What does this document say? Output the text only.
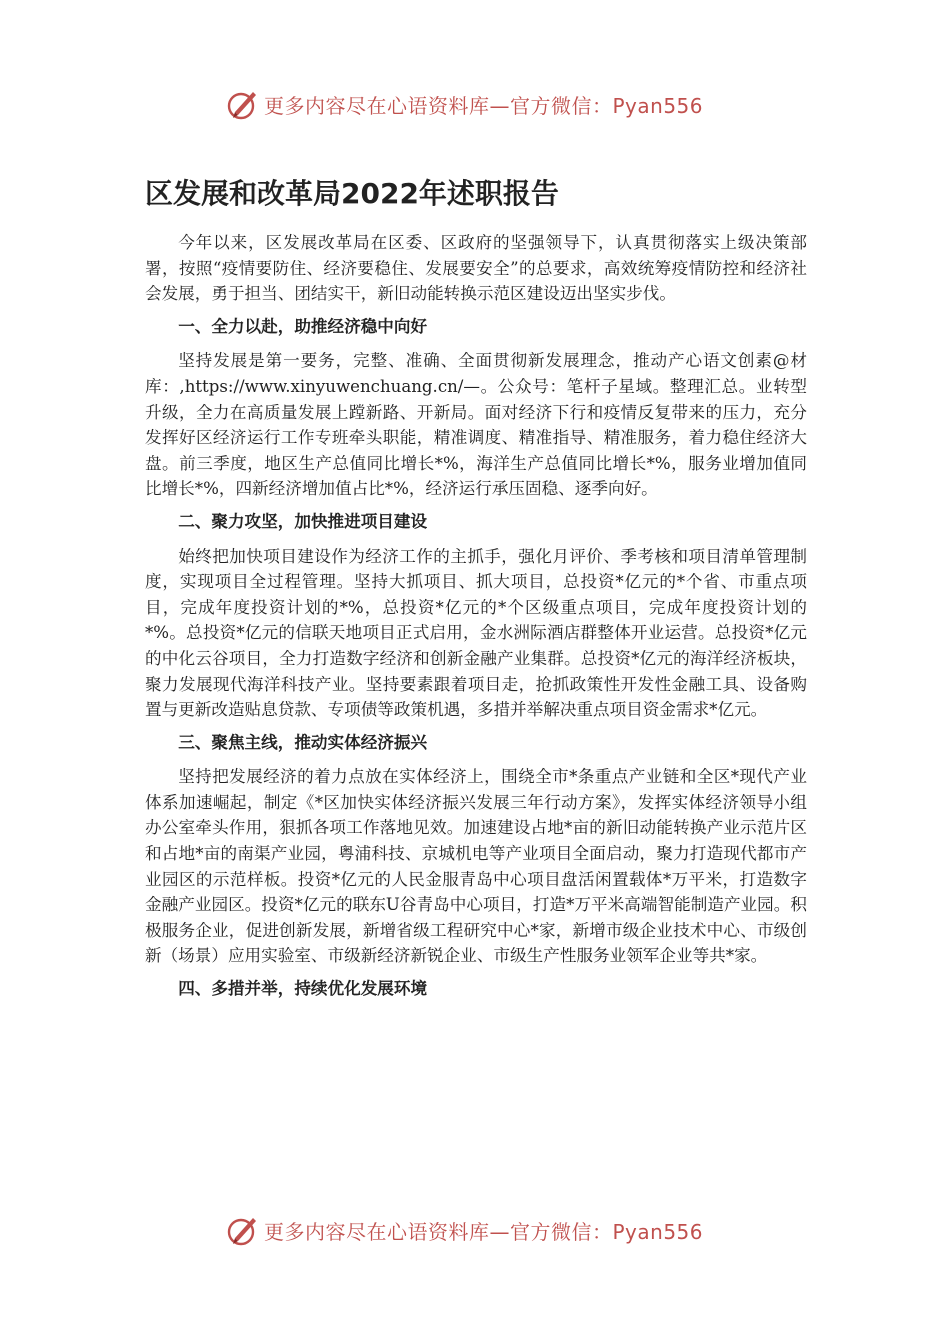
更多内容尽在心语资料库—官方微信：Pyan556
区发展和改革局2022年述职报告

今年以来，区发展改革局在区委、区政府的坚强领导下，认真贯彻落实上级决策部署，按照“疫情要防住、经济要稳住、发展要安全”的总要求，高效统筹疫情防控和经济社会发展，勇于担当、团结实干，新旧动能转换示范区建设迈出坚实步伐。

一、全力以赴，助推经济稳中向好

坚持发展是第一要务，完整、准确、全面贯彻新发展理念，推动产心语文创素@材库：,https://www.xinyuwenchuang.cn/—。公众号：笔杆子星域。整理汇总。业转型升级，全力在高质量发展上蹚新路、开新局。面对经济下行和疫情反复带来的压力，充分发挥好区经济运行工作专班牵头职能，精准调度、精准指导、精准服务，着力稳住经济大盘。前三季度，地区生产总值同比增长*%，海洋生产总值同比增长*%，服务业增加值同比增长*%，四新经济增加值占比*%，经济运行承压固稳、逐季向好。

二、聚力攻坚，加快推进项目建设

始终把加快项目建设作为经济工作的主抓手，强化月评价、季考核和项目清单管理制度，实现项目全过程管理。坚持大抓项目、抓大项目，总投资*亿元的*个省、市重点项目，完成年度投资计划的*%，总投资*亿元的*个区级重点项目，完成年度投资计划的*%。总投资*亿元的信联天地项目正式启用，金水洲际酒店群整体开业运营。总投资*亿元的中化云谷项目，全力打造数字经济和创新金融产业集群。总投资*亿元的海洋经济板块，聚力发展现代海洋科技产业。坚持要素跟着项目走，抢抓政策性开发性金融工具、设备购置与更新改造贴息贷款、专项债等政策机遇，多措并举解决重点项目资金需求*亿元。

三、聚焦主线，推动实体经济振兴

坚持把发展经济的着力点放在实体经济上，围绕全市*条重点产业链和全区*现代产业体系加速崛起，制定《*区加快实体经济振兴发展三年行动方案》，发挥实体经济领导小组办公室牵头作用，狠抓各项工作落地见效。加速建设占地*亩的新旧动能转换产业示范片区和占地*亩的南渠产业园，粤浦科技、京城机电等产业项目全面启动，聚力打造现代都市产业园区的示范样板。投资*亿元的人民金服青岛中心项目盘活闲置载体*万平米，打造数字金融产业园区。投资*亿元的联东U谷青岛中心项目，打造*万平米高端智能制造产业园。积极服务企业，促进创新发展，新增省级工程研究中心*家，新增市级企业技术中心、市级创新（场景）应用实验室、市级新经济新锐企业、市级生产性服务业领军企业等共*家。

四、多措并举，持续优化发展环境

更多内容尽在心语资料库—官方微信：Pyan556
